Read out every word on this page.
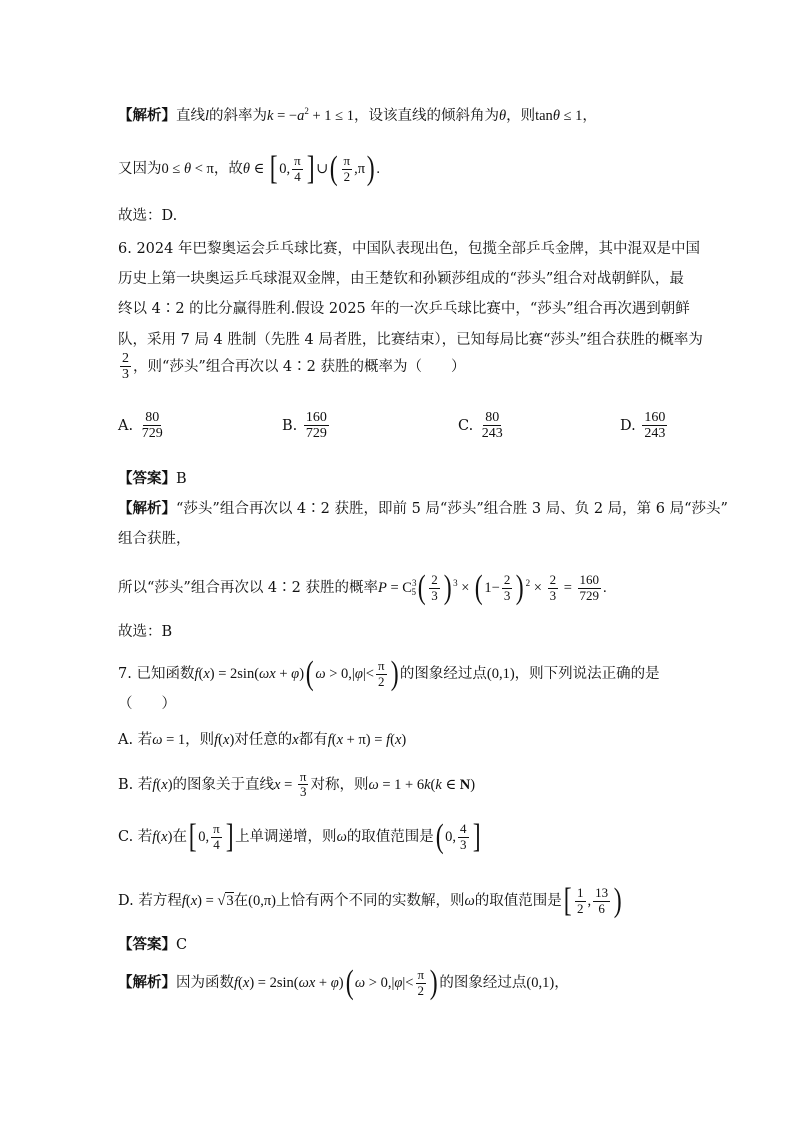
【解析】直线l的斜率为$k = -a^2 + 1 \le 1$，设该直线的倾斜角为θ，则tanθ ≤ 1，
又因为0 ≤ θ < π，故θ ∈ [ 0, $\frac{\pi}{4}$ ] ∪( $\frac{\pi}{2} ,\pi$) .
故选：D.
6. 2024 年巴黎奥运会乒乓球比赛，中国队表现出色，包揽全部乒乓金牌，其中混双是中国
历史上第一块奥运乒乓球混双金牌，由王楚钦和孙颖莎组成的“莎头”组合对战朝鲜队，最
终以 4∶2 的比分赢得胜利.假设 2025 年的一次乒乓球比赛中，“莎头”组合再次遇到朝鲜
队，采用 7 局 4 胜制（先胜 4 局者胜，比赛结束），已知每局比赛“莎头”组合获胜的概率为
$\frac{2}{3}$ ，则“莎头”组合再次以 4∶2 获胜的概率为（　　）
A. $\frac{80}{729}$	B. $\frac{160}{729}$	C. $\frac{80}{243}$	D. $\frac{160}{243}$
【答案】B
【解析】“莎头”组合再次以 4∶2 获胜，即前 5 局“莎头”组合胜 3 局、负 2 局，第 6 局“莎头”
组合获胜，
所以“莎头”组合再次以 4∶2 获胜的概率$P = C^3_5( \frac{2}{3}$ ) $^3$ × ( $1- \frac{2}{3}$ ) $^2 \times \frac{2}{3} = \frac{160}{729}$ .
故选：B
7. 已知函数f(x) = 2sin(ωx + φ)( $\omega > 0,|\varphi|< \frac{\pi}{2}$ ) 的图象经过点(0,1)，则下列说法正确的是
（　　）
A. 若ω = 1，则f(x)对任意的x都有f(x + π) = f(x)
B. 若f(x)的图象关于直线$x = \frac{\pi}{3}$ 对称，则ω = 1 + 6k(k ∈ N)
C. 若f(x)在[ 0, $\frac{\pi}{4}$ ] 上单调递增，则ω的取值范围是( 0, $\frac{4}{3}$ ]
D. 若方程f(x) = √3在(0,π)上恰有两个不同的实数解，则ω的取值范围是[ $\frac{1}{2}$ , $\frac{13}{6}$ )
【答案】C
【解析】因为函数f(x) = 2sin(ωx + φ)( $\omega > 0,|\varphi|< \frac{\pi}{2}$ ) 的图象经过点(0,1)，
